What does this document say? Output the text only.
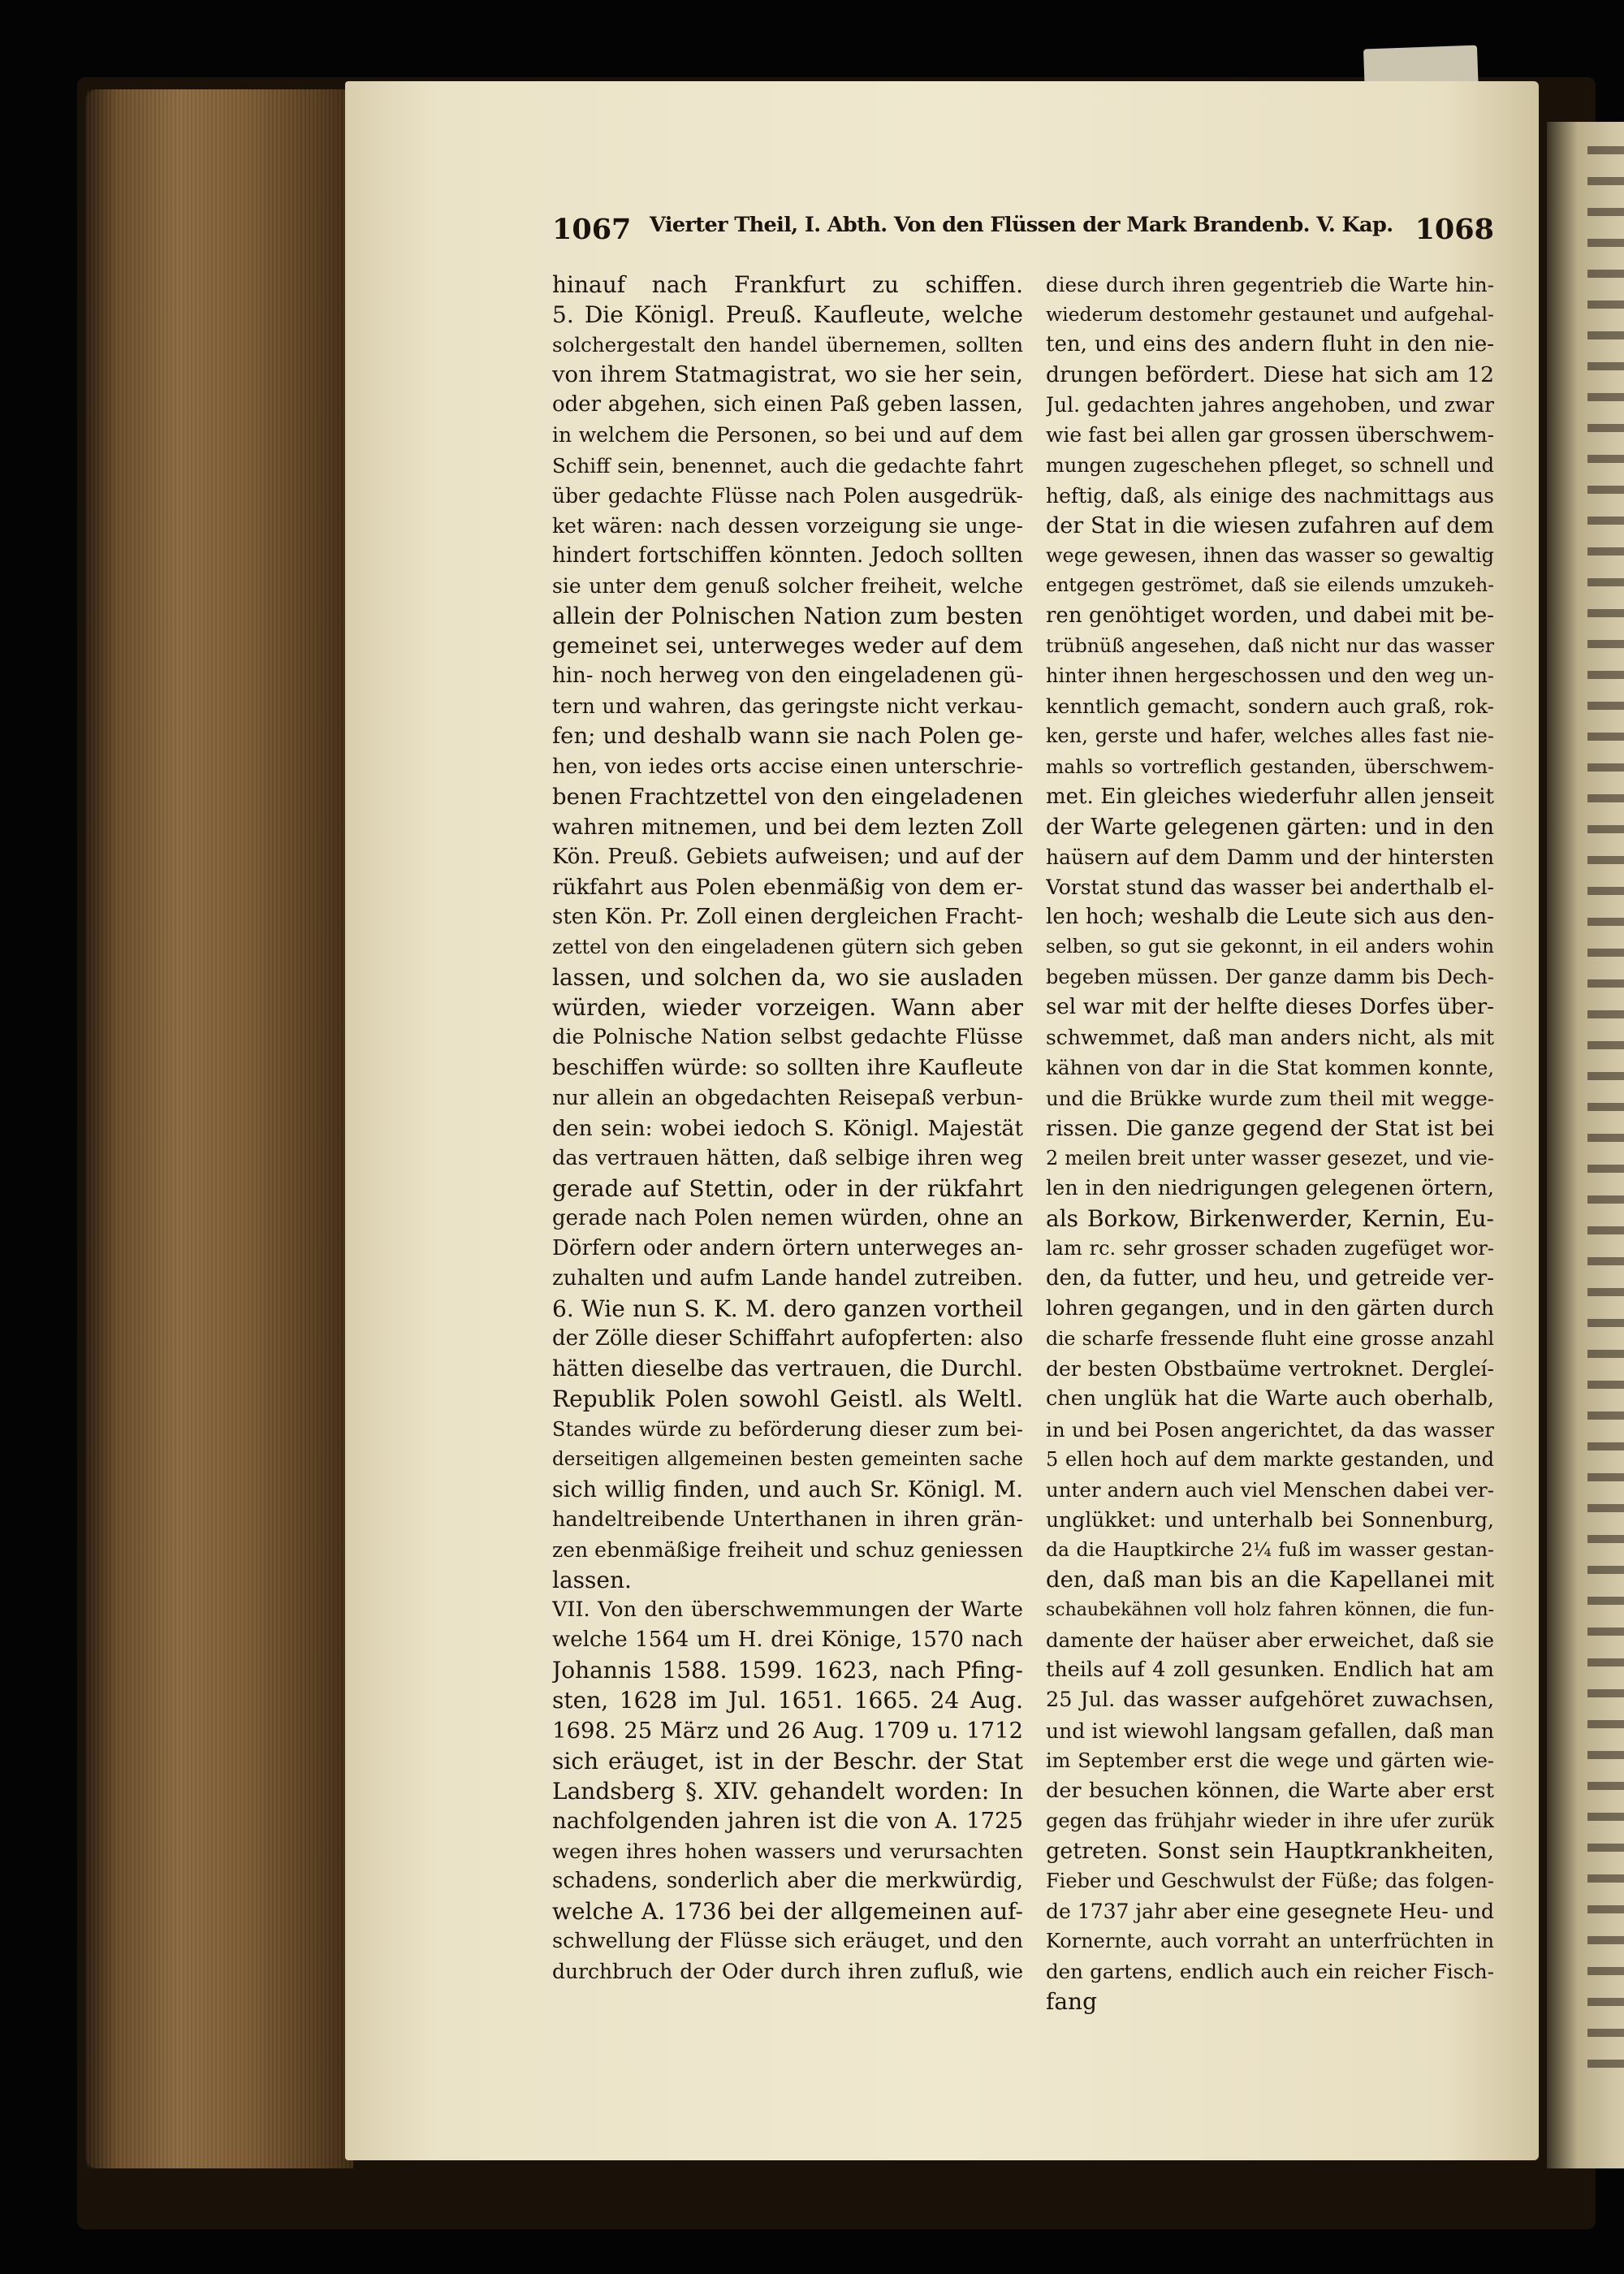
1067 Vierter Theil, I. Abth. Von den Flüssen der Mark Brandenb. V. Kap. 1068
hinauf nach Frankfurt zu schiffen.
5. Die Königl. Preuß. Kaufleute, welche
solchergestalt den handel übernemen, sollten
von ihrem Statmagistrat, wo sie her sein,
oder abgehen, sich einen Paß geben lassen,
in welchem die Personen, so bei und auf dem
Schiff sein, benennet, auch die gedachte fahrt
über gedachte Flüsse nach Polen ausgedrük-
ket wären: nach dessen vorzeigung sie unge-
hindert fortschiffen könnten. Jedoch sollten
sie unter dem genuß solcher freiheit, welche
allein der Polnischen Nation zum besten
gemeinet sei, unterweges weder auf dem
hin- noch herweg von den eingeladenen gü-
tern und wahren, das geringste nicht verkau-
fen; und deshalb wann sie nach Polen ge-
hen, von iedes orts accise einen unterschrie-
benen Frachtzettel von den eingeladenen
wahren mitnemen, und bei dem lezten Zoll
Kön. Preuß. Gebiets aufweisen; und auf der
rükfahrt aus Polen ebenmäßig von dem er-
sten Kön. Pr. Zoll einen dergleichen Fracht-
zettel von den eingeladenen gütern sich geben
lassen, und solchen da, wo sie ausladen
würden, wieder vorzeigen. Wann aber
die Polnische Nation selbst gedachte Flüsse
beschiffen würde: so sollten ihre Kaufleute
nur allein an obgedachten Reisepaß verbun-
den sein: wobei iedoch S. Königl. Majestät
das vertrauen hätten, daß selbige ihren weg
gerade auf Stettin, oder in der rükfahrt
gerade nach Polen nemen würden, ohne an
Dörfern oder andern örtern unterweges an-
zuhalten und aufm Lande handel zutreiben.
6. Wie nun S. K. M. dero ganzen vortheil
der Zölle dieser Schiffahrt aufopferten: also
hätten dieselbe das vertrauen, die Durchl.
Republik Polen sowohl Geistl. als Weltl.
Standes würde zu beförderung dieser zum bei-
derseitigen allgemeinen besten gemeinten sache
sich willig finden, und auch Sr. Königl. M.
handeltreibende Unterthanen in ihren grän-
zen ebenmäßige freiheit und schuz geniessen
lassen.
VII. Von den überschwemmungen der Warte
welche 1564 um H. drei Könige, 1570 nach
Johannis 1588. 1599. 1623, nach Pfing-
sten, 1628 im Jul. 1651. 1665. 24 Aug.
1698. 25 März und 26 Aug. 1709 u. 1712
sich eräuget, ist in der Beschr. der Stat
Landsberg §. XIV. gehandelt worden: In
nachfolgenden jahren ist die von A. 1725
wegen ihres hohen wassers und verursachten
schadens, sonderlich aber die merkwürdig,
welche A. 1736 bei der allgemeinen auf-
schwellung der Flüsse sich eräuget, und den
durchbruch der Oder durch ihren zufluß, wie
diese durch ihren gegentrieb die Warte hin-
wiederum destomehr gestaunet und aufgehal-
ten, und eins des andern fluht in den nie-
drungen befördert. Diese hat sich am 12
Jul. gedachten jahres angehoben, und zwar
wie fast bei allen gar grossen überschwem-
mungen zugeschehen pfleget, so schnell und
heftig, daß, als einige des nachmittags aus
der Stat in die wiesen zufahren auf dem
wege gewesen, ihnen das wasser so gewaltig
entgegen geströmet, daß sie eilends umzukeh-
ren genöhtiget worden, und dabei mit be-
trübnüß angesehen, daß nicht nur das wasser
hinter ihnen hergeschossen und den weg un-
kenntlich gemacht, sondern auch graß, rok-
ken, gerste und hafer, welches alles fast nie-
mahls so vortreflich gestanden, überschwem-
met. Ein gleiches wiederfuhr allen jenseit
der Warte gelegenen gärten: und in den
haüsern auf dem Damm und der hintersten
Vorstat stund das wasser bei anderthalb el-
len hoch; weshalb die Leute sich aus den-
selben, so gut sie gekonnt, in eil anders wohin
begeben müssen. Der ganze damm bis Dech-
sel war mit der helfte dieses Dorfes über-
schwemmet, daß man anders nicht, als mit
kähnen von dar in die Stat kommen konnte,
und die Brükke wurde zum theil mit wegge-
rissen. Die ganze gegend der Stat ist bei
2 meilen breit unter wasser gesezet, und vie-
len in den niedrigungen gelegenen örtern,
als Borkow, Birkenwerder, Kernin, Eu-
lam rc. sehr grosser schaden zugefüget wor-
den, da futter, und heu, und getreide ver-
lohren gegangen, und in den gärten durch
die scharfe fressende fluht eine grosse anzahl
der besten Obstbaüme vertroknet. Dergleí-
chen unglük hat die Warte auch oberhalb,
in und bei Posen angerichtet, da das wasser
5 ellen hoch auf dem markte gestanden, und
unter andern auch viel Menschen dabei ver-
unglükket: und unterhalb bei Sonnenburg,
da die Hauptkirche 2¼ fuß im wasser gestan-
den, daß man bis an die Kapellanei mit
schaubekähnen voll holz fahren können, die fun-
damente der haüser aber erweichet, daß sie
theils auf 4 zoll gesunken. Endlich hat am
25 Jul. das wasser aufgehöret zuwachsen,
und ist wiewohl langsam gefallen, daß man
im September erst die wege und gärten wie-
der besuchen können, die Warte aber erst
gegen das frühjahr wieder in ihre ufer zurük
getreten. Sonst sein Hauptkrankheiten,
Fieber und Geschwulst der Füße; das folgen-
de 1737 jahr aber eine gesegnete Heu- und
Kornernte, auch vorraht an unterfrüchten in
den gartens, endlich auch ein reicher Fisch-
fang
